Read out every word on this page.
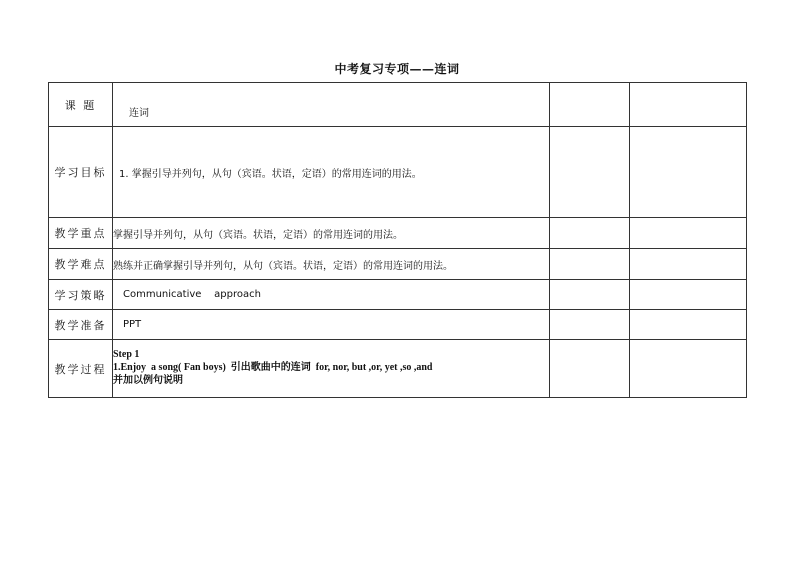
中考复习专项——连词
课 题	连词		
学习目标	1. 掌握引导并列句，从句（宾语。状语，定语）的常用连词的用法。		
教学重点	掌握引导并列句，从句（宾语。状语，定语）的常用连词的用法。		
教学难点	熟练并正确掌握引导并列句，从句（宾语。状语，定语）的常用连词的用法。		
学习策略	Communicative    approach		
教学准备	PPT		
教学过程	Step 1
1.Enjoy  a song( Fan boys)  引出歌曲中的连词  for, nor, but ,or, yet ,so ,and
并加以例句说明		
